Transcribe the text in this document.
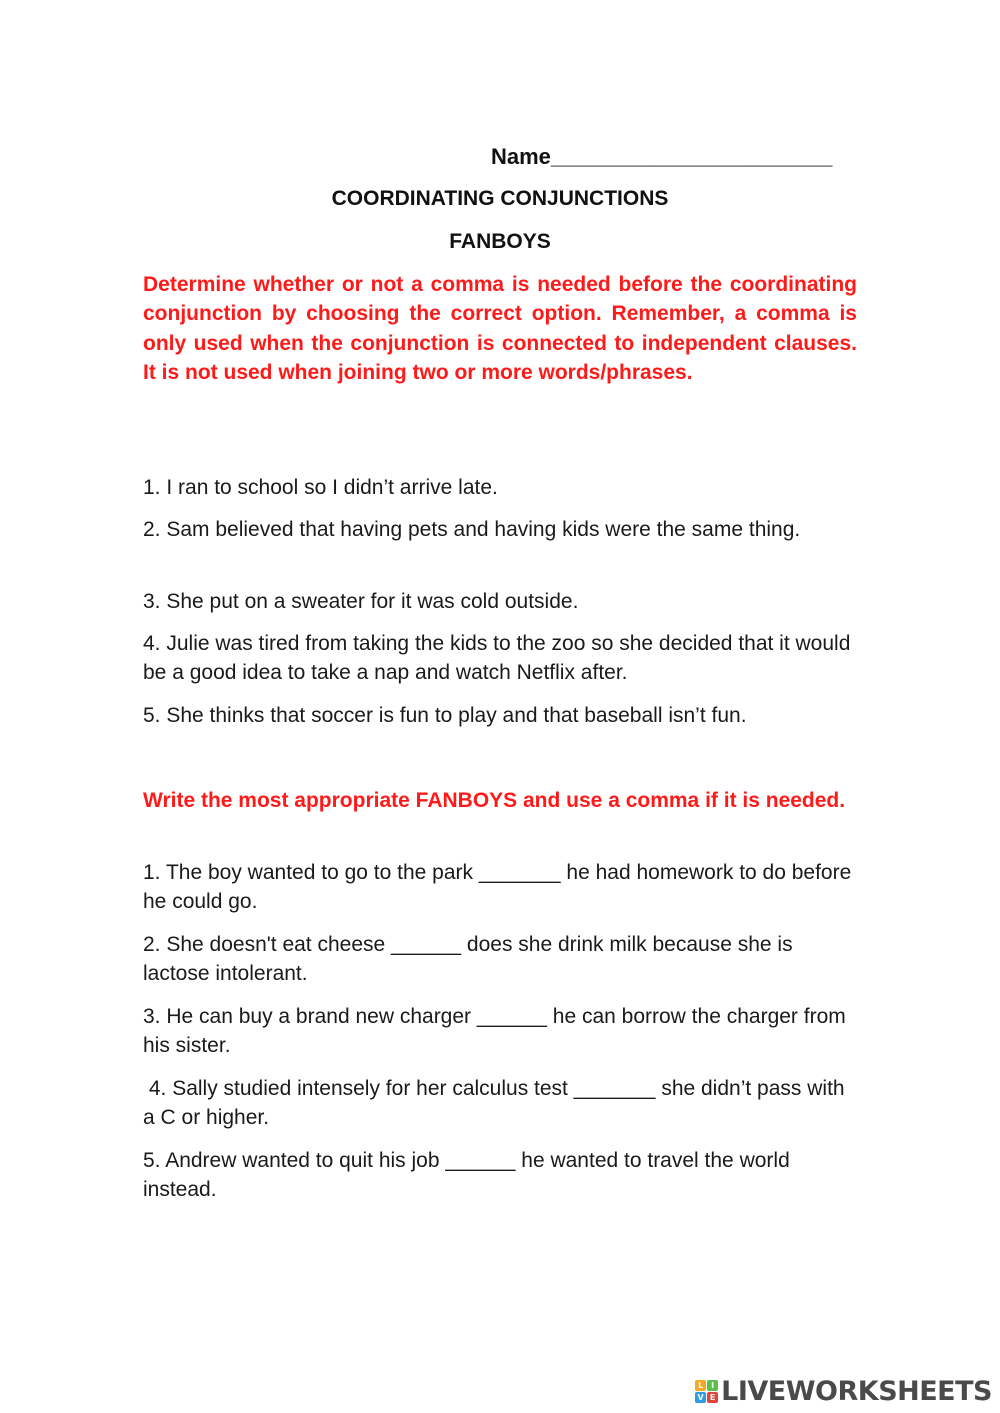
Name_______________________
COORDINATING CONJUNCTIONS
FANBOYS
Determine whether or not a comma is needed before the coordinating conjunction by choosing the correct option. Remember, a comma is only used when the conjunction is connected to independent clauses. It is not used when joining two or more words/phrases.
1. I ran to school so I didn’t arrive late.
2. Sam believed that having pets and having kids were the same thing.
3. She put on a sweater for it was cold outside.
4. Julie was tired from taking the kids to the zoo so she decided that it would be a good idea to take a nap and watch Netflix after.
5. She thinks that soccer is fun to play and that baseball isn’t fun.
Write the most appropriate FANBOYS and use a comma if it is needed.
1. The boy wanted to go to the park _______ he had homework to do before he could go.
2. She doesn't eat cheese ______ does she drink milk because she is lactose intolerant.
3. He can buy a brand new charger ______ he can borrow the charger from his sister.
4. Sally studied intensely for her calculus test _______ she didn’t pass with a C or higher.
5. Andrew wanted to quit his job ______ he wanted to travel the world instead.
L I
V E LIVEWORKSHEETS
